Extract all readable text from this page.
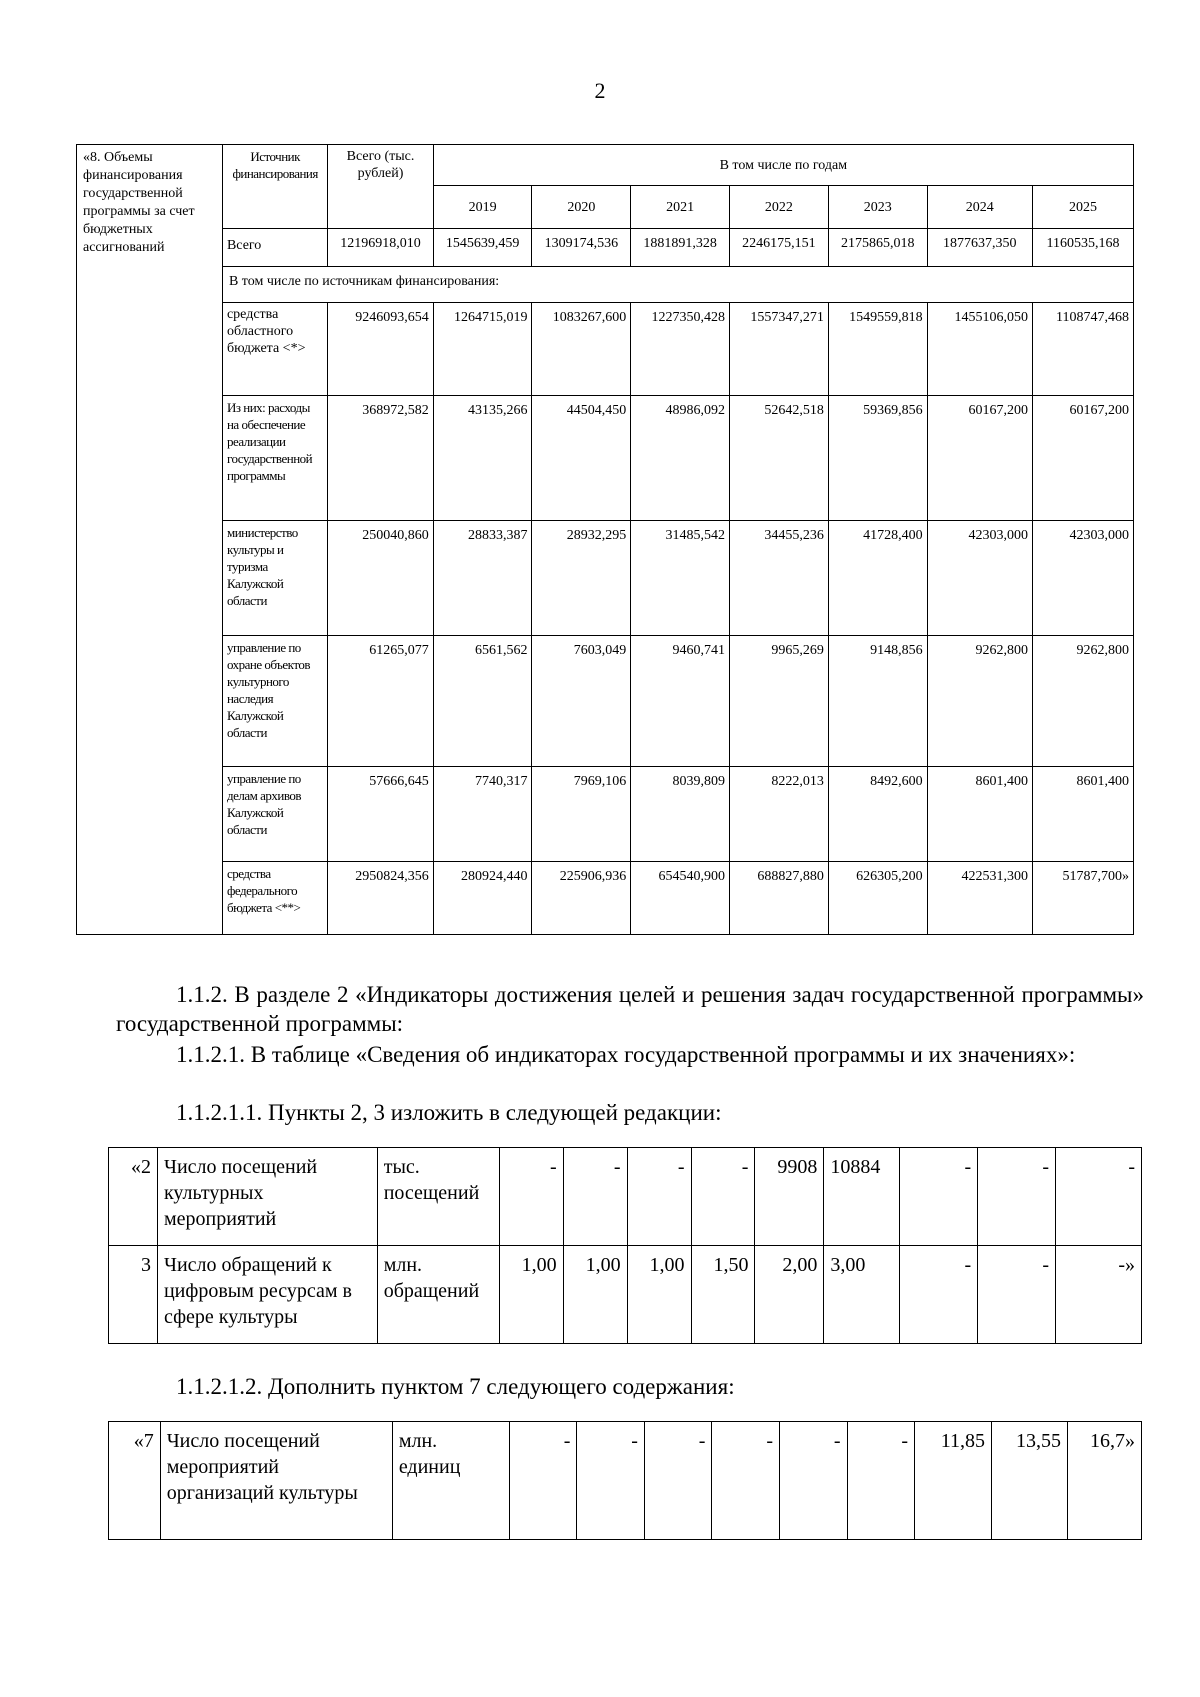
2
«8. Объемы финансирования государственной программы за счет бюджетных ассигнований	Источник финансирования	Всего (тыс. рублей)	В том числе по годам						
			2019	2020	2021	2022	2023	2024	2025
	Всего	12196918,010	1545639,459	1309174,536	1881891,328	2246175,151	2175865,018	1877637,350	1160535,168
	В том числе по источникам финансирования:								
	средства областного бюджета <*>	9246093,654	1264715,019	1083267,600	1227350,428	1557347,271	1549559,818	1455106,050	1108747,468
	Из них: расходы на обеспечение реализации государственной программы	368972,582	43135,266	44504,450	48986,092	52642,518	59369,856	60167,200	60167,200
	министерство культуры и туризма Калужской области	250040,860	28833,387	28932,295	31485,542	34455,236	41728,400	42303,000	42303,000
	управление по охране объектов культурного наследия Калужской области	61265,077	6561,562	7603,049	9460,741	9965,269	9148,856	9262,800	9262,800
	управление по делам архивов Калужской области	57666,645	7740,317	7969,106	8039,809	8222,013	8492,600	8601,400	8601,400
	средства федерального бюджета <**>	2950824,356	280924,440	225906,936	654540,900	688827,880	626305,200	422531,300	51787,700»
1.1.2. В разделе 2 «Индикаторы достижения целей и решения задач государственной программы» государственной программы:
1.1.2.1. В таблице «Сведения об индикаторах государственной программы и их значениях»:
1.1.2.1.1. Пункты 2, 3 изложить в следующей редакции:
«2	Число посещений культурных мероприятий	тыс. посещений	-	-	-	-	9908	10884	-	-	-
3	Число обращений к цифровым ресурсам в сфере культуры	млн. обращений	1,00	1,00	1,00	1,50	2,00	3,00	-	-	-»
1.1.2.1.2. Дополнить пунктом 7 следующего содержания:
«7	Число посещений мероприятий организаций культуры	млн. единиц	-	-	-	-	-	-	11,85	13,55	16,7»
